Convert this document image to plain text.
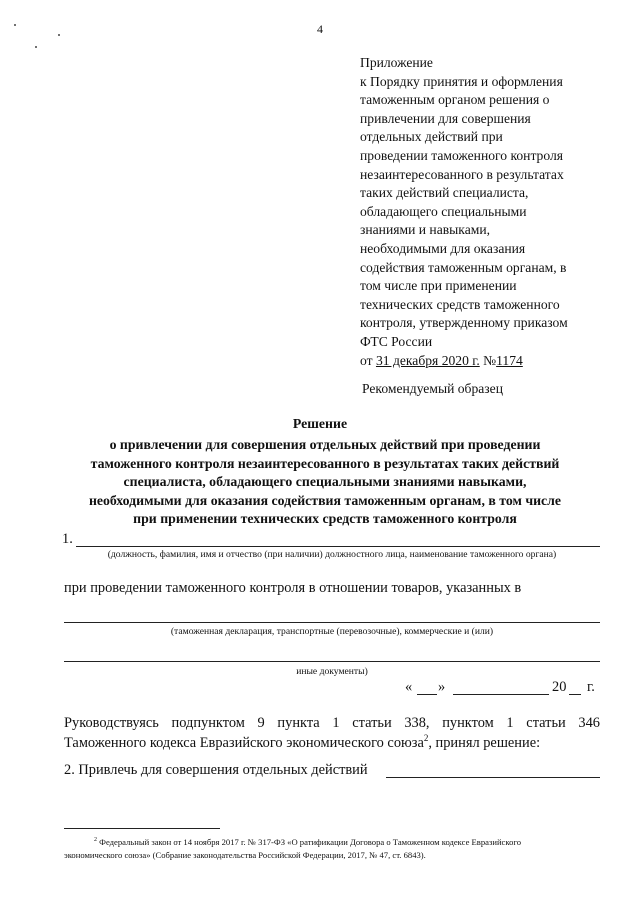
4
Приложение
к Порядку принятия и оформления
таможенным органом решения о
привлечении для совершения
отдельных действий при
проведении таможенного контроля
незаинтересованного в результатах
таких действий специалиста,
обладающего специальными
знаниями и навыками,
необходимыми для оказания
содействия таможенным органам, в
том числе при применении
технических средств таможенного
контроля, утвержденному приказом
ФТС России
от 31 декабря 2020 г. №1174
Рекомендуемый образец
Решение
о привлечении для совершения отдельных действий при проведении
таможенного контроля незаинтересованного в результатах таких действий
специалиста, обладающего специальными знаниями навыками,
необходимыми для оказания содействия таможенным органам, в том числе
при применении технических средств таможенного контроля
1.
(должность, фамилия, имя и отчество (при наличии) должностного лица, наименование таможенного органа)
при проведении таможенного контроля в отношении товаров, указанных в
(таможенная декларация, транспортные (перевозочные), коммерческие и (или)
иные документы)
« »	20 г.
Руководствуясь подпунктом 9 пункта 1 статьи 338, пунктом 1 статьи 346
Таможенного кодекса Евразийского экономического союза$^2$, принял решение:
2. Привлечь для совершения отдельных действий
$^2$ Федеральный закон от 14 ноября 2017 г. № 317-ФЗ «О ратификации Договора о Таможенном кодексе Евразийского
экономического союза» (Собрание законодательства Российской Федерации, 2017, № 47, ст. 6843).
